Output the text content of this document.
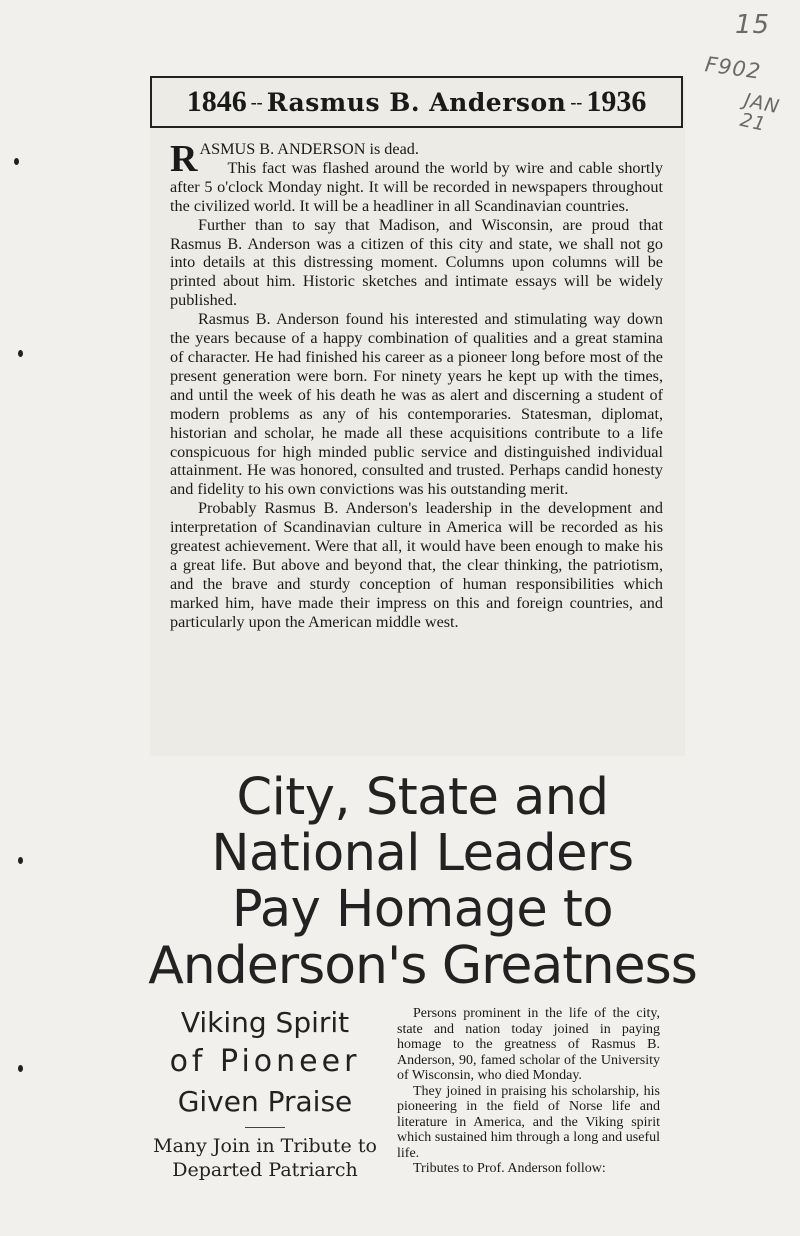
15
F902
JAN 21
1846 -- Rasmus B. Anderson -- 1936

RASMUS B. ANDERSON is dead.

This fact was flashed around the world by wire and cable shortly after 5 o'clock Monday night. It will be recorded in newspapers throughout the civilized world. It will be a headliner in all Scandinavian countries.

Further than to say that Madison, and Wisconsin, are proud that Rasmus B. Anderson was a citizen of this city and state, we shall not go into details at this distressing moment. Columns upon columns will be printed about him. Historic sketches and intimate essays will be widely published.

Rasmus B. Anderson found his interested and stimulating way down the years because of a happy combination of qualities and a great stamina of character. He had finished his career as a pioneer long before most of the present generation were born. For ninety years he kept up with the times, and until the week of his death he was as alert and discerning a student of modern problems as any of his contemporaries. Statesman, diplomat, historian and scholar, he made all these acquisitions contribute to a life conspicuous for high minded public service and distinguished individual attainment. He was honored, consulted and trusted. Perhaps candid honesty and fidelity to his own convictions was his outstanding merit.

Probably Rasmus B. Anderson's leadership in the development and interpretation of Scandinavian culture in America will be recorded as his greatest achievement. Were that all, it would have been enough to make his a great life. But above and beyond that, the clear thinking, the patriotism, and the brave and sturdy conception of human responsibilities which marked him, have made their impress on this and foreign countries, and particularly upon the American middle west.

City, State and
National Leaders
Pay Homage to
Anderson's Greatness
Viking Spirit
of Pioneer
Given Praise
Many Join in Tribute to Departed Patriarch

Persons prominent in the life of the city, state and nation today joined in paying homage to the greatness of Rasmus B. Anderson, 90, famed scholar of the University of Wisconsin, who died Monday.

They joined in praising his scholarship, his pioneering in the field of Norse life and literature in America, and the Viking spirit which sustained him through a long and useful life.

Tributes to Prof. Anderson follow:
